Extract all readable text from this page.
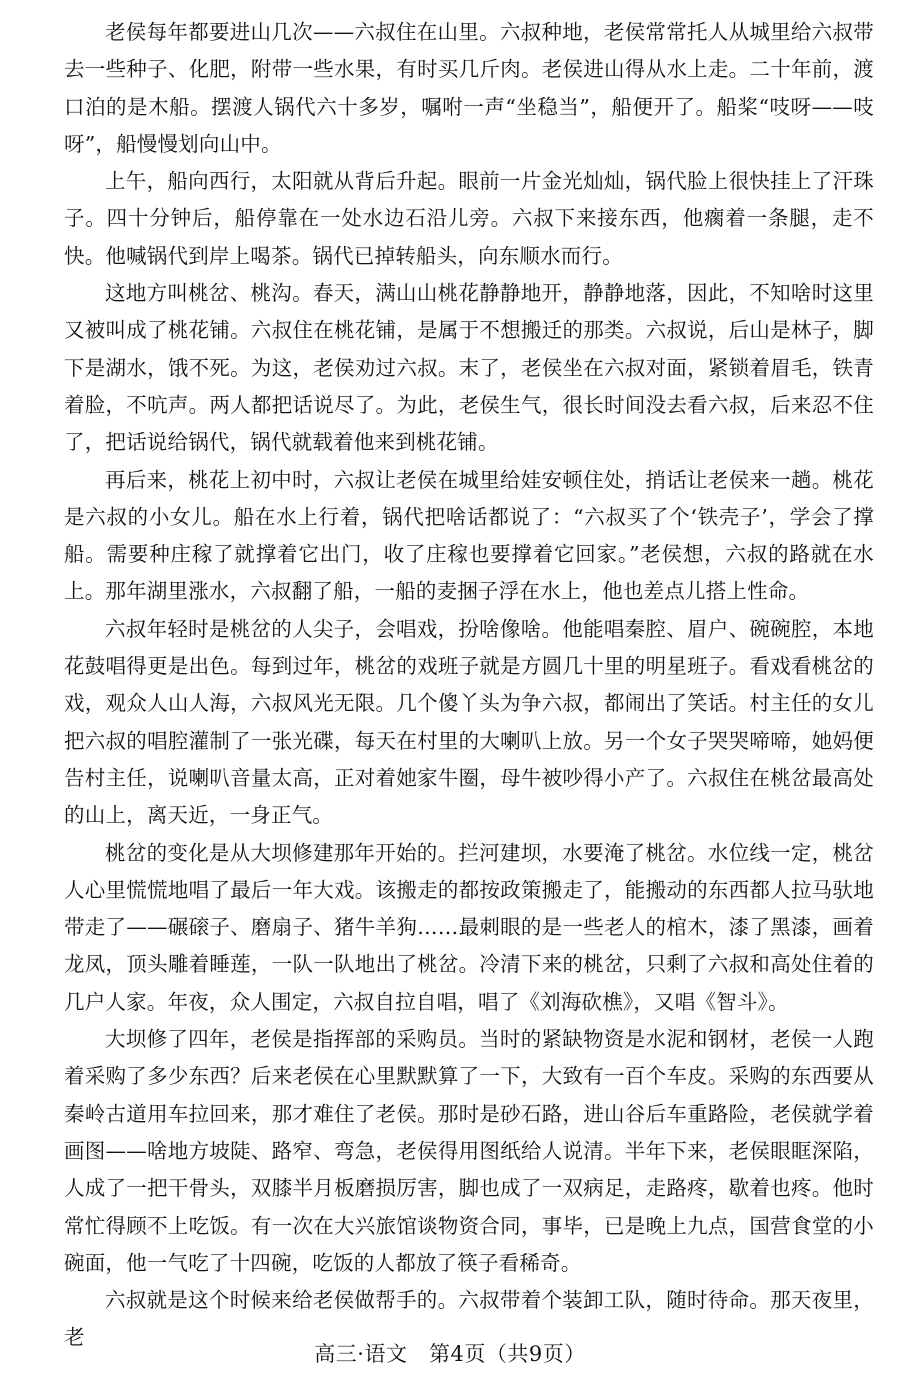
老侯每年都要进山几次——六叔住在山里。六叔种地，老侯常常托人从城里给六叔带去一些种子、化肥，附带一些水果，有时买几斤肉。老侯进山得从水上走。二十年前，渡口泊的是木船。摆渡人锅代六十多岁，嘱咐一声“坐稳当”，船便开了。船桨“吱呀——吱呀”，船慢慢划向山中。

上午，船向西行，太阳就从背后升起。眼前一片金光灿灿，锅代脸上很快挂上了汗珠子。四十分钟后，船停靠在一处水边石沿儿旁。六叔下来接东西，他瘸着一条腿，走不快。他喊锅代到岸上喝茶。锅代已掉转船头，向东顺水而行。

这地方叫桃岔、桃沟。春天，满山山桃花静静地开，静静地落，因此，不知啥时这里又被叫成了桃花铺。六叔住在桃花铺，是属于不想搬迁的那类。六叔说，后山是林子，脚下是湖水，饿不死。为这，老侯劝过六叔。末了，老侯坐在六叔对面，紧锁着眉毛，铁青着脸，不吭声。两人都把话说尽了。为此，老侯生气，很长时间没去看六叔，后来忍不住了，把话说给锅代，锅代就载着他来到桃花铺。

再后来，桃花上初中时，六叔让老侯在城里给娃安顿住处，捎话让老侯来一趟。桃花是六叔的小女儿。船在水上行着，锅代把啥话都说了：“六叔买了个‘铁壳子’，学会了撑船。需要种庄稼了就撑着它出门，收了庄稼也要撑着它回家。”老侯想，六叔的路就在水上。那年湖里涨水，六叔翻了船，一船的麦捆子浮在水上，他也差点儿搭上性命。

六叔年轻时是桃岔的人尖子，会唱戏，扮啥像啥。他能唱秦腔、眉户、碗碗腔，本地花鼓唱得更是出色。每到过年，桃岔的戏班子就是方圆几十里的明星班子。看戏看桃岔的戏，观众人山人海，六叔风光无限。几个傻丫头为争六叔，都闹出了笑话。村主任的女儿把六叔的唱腔灌制了一张光碟，每天在村里的大喇叭上放。另一个女子哭哭啼啼，她妈便告村主任，说喇叭音量太高，正对着她家牛圈，母牛被吵得小产了。六叔住在桃岔最高处的山上，离天近，一身正气。

桃岔的变化是从大坝修建那年开始的。拦河建坝，水要淹了桃岔。水位线一定，桃岔人心里慌慌地唱了最后一年大戏。该搬走的都按政策搬走了，能搬动的东西都人拉马驮地带走了——碾磙子、磨扇子、猪牛羊狗……最刺眼的是一些老人的棺木，漆了黑漆，画着龙凤，顶头雕着睡莲，一队一队地出了桃岔。冷清下来的桃岔，只剩了六叔和高处住着的几户人家。年夜，众人围定，六叔自拉自唱，唱了《刘海砍樵》，又唱《智斗》。

大坝修了四年，老侯是指挥部的采购员。当时的紧缺物资是水泥和钢材，老侯一人跑着采购了多少东西？后来老侯在心里默默算了一下，大致有一百个车皮。采购的东西要从秦岭古道用车拉回来，那才难住了老侯。那时是砂石路，进山谷后车重路险，老侯就学着画图——啥地方坡陡、路窄、弯急，老侯得用图纸给人说清。半年下来，老侯眼眶深陷，人成了一把干骨头，双膝半月板磨损厉害，脚也成了一双病足，走路疼，歇着也疼。他时常忙得顾不上吃饭。有一次在大兴旅馆谈物资合同，事毕，已是晚上九点，国营食堂的小碗面，他一气吃了十四碗，吃饭的人都放了筷子看稀奇。

六叔就是这个时候来给老侯做帮手的。六叔带着个装卸工队，随时待命。那天夜里，老

高三·语文　第4页（共9页）
